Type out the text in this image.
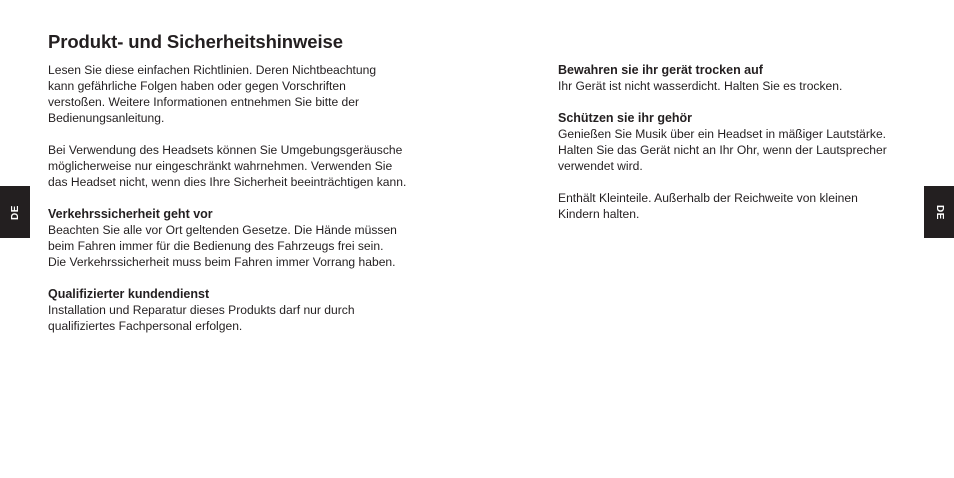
Produkt- und Sicherheitshinweise

Lesen Sie diese einfachen Richtlinien. Deren Nichtbeachtung
kann gefährliche Folgen haben oder gegen Vorschriften
verstoßen. Weitere Informationen entnehmen Sie bitte der
Bedienungsanleitung.

Bei Verwendung des Headsets können Sie Umgebungsgeräusche
möglicherweise nur eingeschränkt wahrnehmen. Verwenden Sie
das Headset nicht, wenn dies Ihre Sicherheit beeinträchtigen kann.

Verkehrssicherheit geht vor

Beachten Sie alle vor Ort geltenden Gesetze. Die Hände müssen
beim Fahren immer für die Bedienung des Fahrzeugs frei sein.
Die Verkehrssicherheit muss beim Fahren immer Vorrang haben.

Qualifizierter kundendienst

Installation und Reparatur dieses Produkts darf nur durch
qualifiziertes Fachpersonal erfolgen.

Bewahren sie ihr gerät trocken auf

Ihr Gerät ist nicht wasserdicht. Halten Sie es trocken.

Schützen sie ihr gehör

Genießen Sie Musik über ein Headset in mäßiger Lautstärke.
Halten Sie das Gerät nicht an Ihr Ohr, wenn der Lautsprecher
verwendet wird.

Enthält Kleinteile. Außerhalb der Reichweite von kleinen
Kindern halten.

DE	DE
